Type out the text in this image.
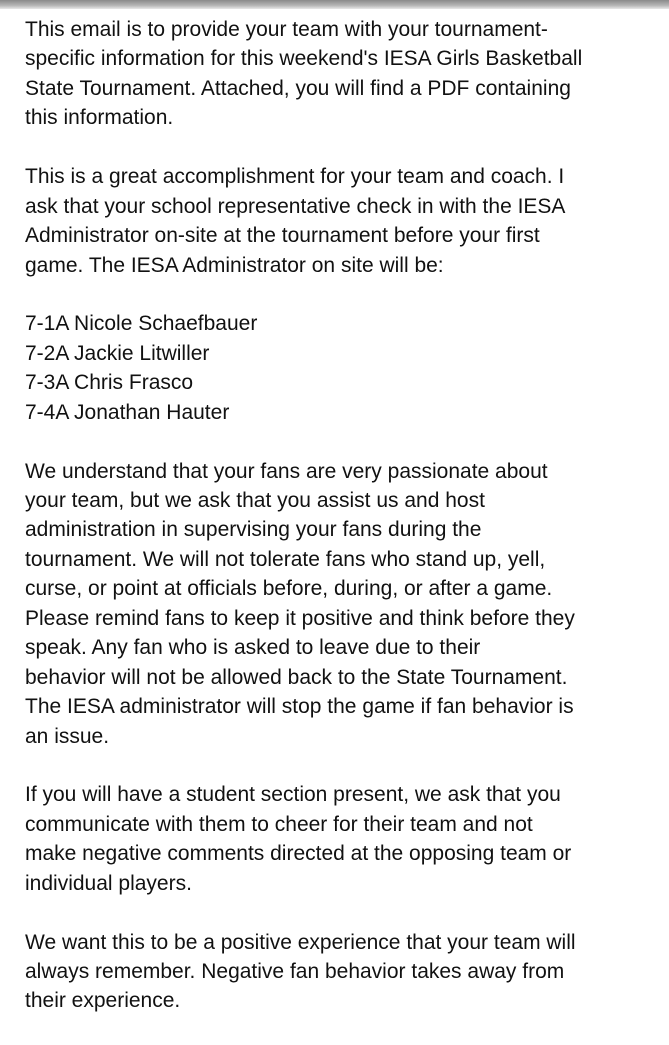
This email is to provide your team with your tournament-
specific information for this weekend's IESA Girls Basketball
State Tournament. Attached, you will find a PDF containing
this information.
This is a great accomplishment for your team and coach. I
ask that your school representative check in with the IESA
Administrator on-site at the tournament before your first
game. The IESA Administrator on site will be:
7-1A Nicole Schaefbauer
7-2A Jackie Litwiller
7-3A Chris Frasco
7-4A Jonathan Hauter
We understand that your fans are very passionate about
your team, but we ask that you assist us and host
administration in supervising your fans during the
tournament. We will not tolerate fans who stand up, yell,
curse, or point at officials before, during, or after a game.
Please remind fans to keep it positive and think before they
speak. Any fan who is asked to leave due to their
behavior will not be allowed back to the State Tournament.
The IESA administrator will stop the game if fan behavior is
an issue.
If you will have a student section present, we ask that you
communicate with them to cheer for their team and not
make negative comments directed at the opposing team or
individual players.
We want this to be a positive experience that your team will
always remember. Negative fan behavior takes away from
their experience.
